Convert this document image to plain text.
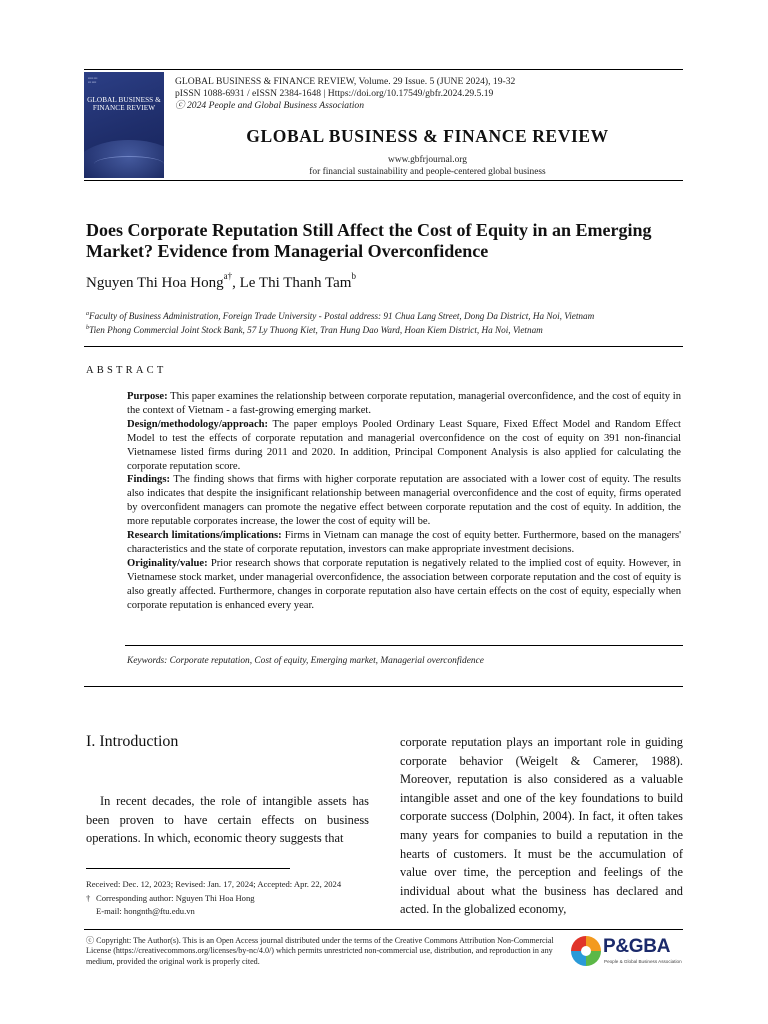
▪▪▪▪▪ ▪▪▪
▪▪▪ ▪▪▪▪
GLOBAL BUSINESS & FINANCE REVIEW
GLOBAL BUSINESS & FINANCE REVIEW, Volume. 29 Issue. 5 (JUNE 2024), 19-32
pISSN 1088-6931 / eISSN 2384-1648 | Https://doi.org/10.17549/gbfr.2024.29.5.19
ⓒ 2024 People and Global Business Association
GLOBAL BUSINESS & FINANCE REVIEW
www.gbfrjournal.org
for financial sustainability and people-centered global business
Does Corporate Reputation Still Affect the Cost of Equity in an Emerging Market? Evidence from Managerial Overconfidence
Nguyen Thi Hoa Hong$^{a\dagger}$, Le Thi Thanh Tam$^b$
$^a$Faculty of Business Administration, Foreign Trade University - Postal address: 91 Chua Lang Street, Dong Da District, Ha Noi, Vietnam
$^b$Tien Phong Commercial Joint Stock Bank, 57 Ly Thuong Kiet, Tran Hung Dao Ward, Hoan Kiem District, Ha Noi, Vietnam
ABSTRACT

Purpose: This paper examines the relationship between corporate reputation, managerial overconfidence, and the cost of equity in the context of Vietnam - a fast-growing emerging market.

Design/methodology/approach: The paper employs Pooled Ordinary Least Square, Fixed Effect Model and Random Effect Model to test the effects of corporate reputation and managerial overconfidence on the cost of equity on 391 non-financial Vietnamese listed firms during 2011 and 2020. In addition, Principal Component Analysis is also applied for calculating the corporate reputation score.

Findings: The finding shows that firms with higher corporate reputation are associated with a lower cost of equity. The results also indicates that despite the insignificant relationship between managerial overconfidence and the cost of equity, firms operated by overconfident managers can promote the negative effect between corporate reputation and the cost of equity. In addition, the more reputable corporates increase, the lower the cost of equity will be.

Research limitations/implications: Firms in Vietnam can manage the cost of equity better. Furthermore, based on the managers' characteristics and the state of corporate reputation, investors can make appropriate investment decisions.

Originality/value: Prior research shows that corporate reputation is negatively related to the implied cost of equity. However, in Vietnamese stock market, under managerial overconfidence, the association between corporate reputation and the cost of equity is also greatly affected. Furthermore, changes in corporate reputation also have certain effects on the cost of equity, especially when corporate reputation is enhanced every year.

Keywords: Corporate reputation, Cost of equity, Emerging market, Managerial overconfidence
I. Introduction

In recent decades, the role of intangible assets has been proven to have certain effects on business operations. In which, economic theory suggests that

corporate reputation plays an important role in guiding corporate behavior (Weigelt & Camerer, 1988). Moreover, reputation is also considered as a valuable intangible asset and one of the key foundations to build corporate success (Dolphin, 2004). In fact, it often takes many years for companies to build a reputation in the hearts of customers. It must be the accumulation of value over time, the perception and feelings of the individual about what the business has declared and acted. In the globalized economy,

Received: Dec. 12, 2023; Revised: Jan. 17, 2024; Accepted: Apr. 22, 2024
† Corresponding author: Nguyen Thi Hoa Hong
E-mail: hongnth@ftu.edu.vn
ⓒ Copyright: The Author(s). This is an Open Access journal distributed under the terms of the Creative Commons Attribution Non-Commercial License (https://creativecommons.org/licenses/by-nc/4.0/) which permits unrestricted non-commercial use, distribution, and reproduction in any medium, provided the original work is properly cited.
P&GBA
People & Global Business Association
